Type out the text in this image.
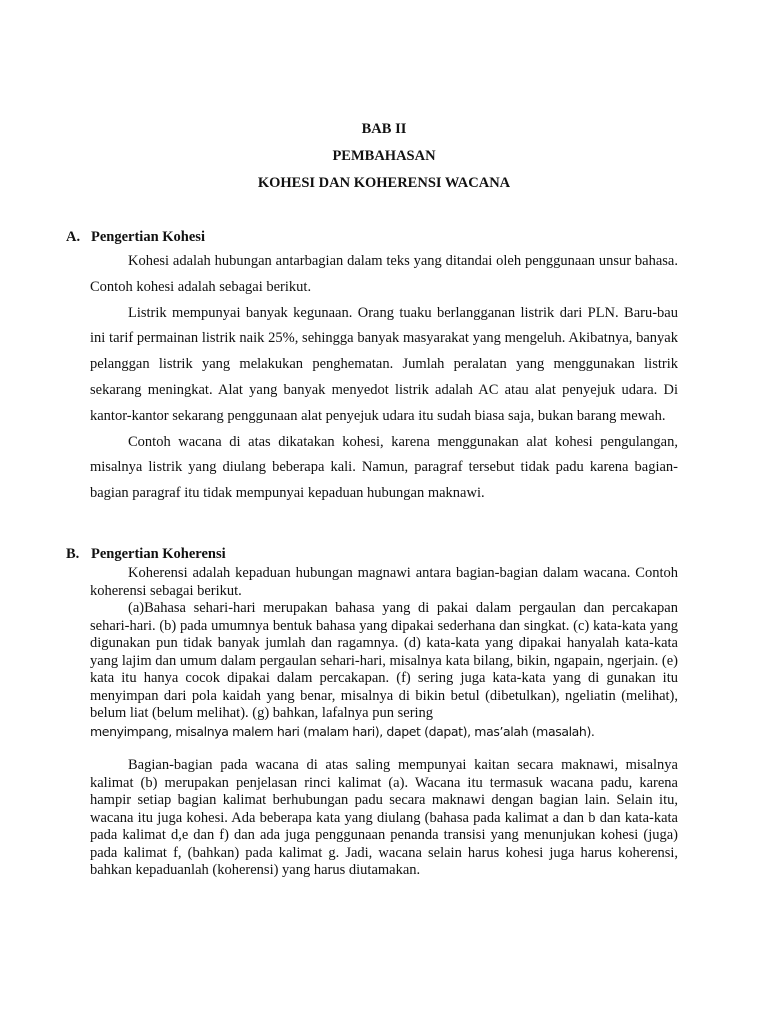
BAB II
PEMBAHASAN
KOHESI DAN KOHERENSI WACANA
A. Pengertian Kohesi

Kohesi adalah hubungan antarbagian dalam teks yang ditandai oleh penggunaan unsur bahasa. Contoh kohesi adalah sebagai berikut.

Listrik mempunyai banyak kegunaan. Orang tuaku berlangganan listrik dari PLN. Baru-bau ini tarif permainan listrik naik 25%, sehingga banyak masyarakat yang mengeluh. Akibatnya, banyak pelanggan listrik yang melakukan penghematan. Jumlah peralatan yang menggunakan listrik sekarang meningkat. Alat yang banyak menyedot listrik adalah AC atau alat penyejuk udara. Di kantor-kantor sekarang penggunaan alat penyejuk udara itu sudah biasa saja, bukan barang mewah.

Contoh wacana di atas dikatakan kohesi, karena menggunakan alat kohesi pengulangan, misalnya listrik yang diulang beberapa kali. Namun, paragraf tersebut tidak padu karena bagian-bagian paragraf itu tidak mempunyai kepaduan hubungan maknawi.

B. Pengertian Koherensi

Koherensi adalah kepaduan hubungan magnawi antara bagian-bagian dalam wacana. Contoh koherensi sebagai berikut.

(a)Bahasa sehari-hari merupakan bahasa yang di pakai dalam pergaulan dan percakapan sehari-hari. (b) pada umumnya bentuk bahasa yang dipakai sederhana dan singkat. (c) kata-kata yang digunakan pun tidak banyak jumlah dan ragamnya. (d) kata-kata yang dipakai hanyalah kata-kata yang lajim dan umum dalam pergaulan sehari-hari, misalnya kata bilang, bikin, ngapain, ngerjain. (e) kata itu hanya cocok dipakai dalam percakapan. (f) sering juga kata-kata yang di gunakan itu menyimpan dari pola kaidah yang benar, misalnya di bikin betul (dibetulkan), ngeliatin (melihat), belum liat (belum melihat). (g) bahkan, lafalnya pun sering

menyimpang, misalnya malem hari (malam hari), dapet (dapat), mas’alah (masalah).

Bagian-bagian pada wacana di atas saling mempunyai kaitan secara maknawi, misalnya kalimat (b) merupakan penjelasan rinci kalimat (a). Wacana itu termasuk wacana padu, karena hampir setiap bagian kalimat berhubungan padu secara maknawi dengan bagian lain. Selain itu, wacana itu juga kohesi. Ada beberapa kata yang diulang (bahasa pada kalimat a dan b dan kata-kata pada kalimat d,e dan f) dan ada juga penggunaan penanda transisi yang menunjukan kohesi (juga) pada kalimat f, (bahkan) pada kalimat g. Jadi, wacana selain harus kohesi juga harus koherensi, bahkan kepaduanlah (koherensi) yang harus diutamakan.
